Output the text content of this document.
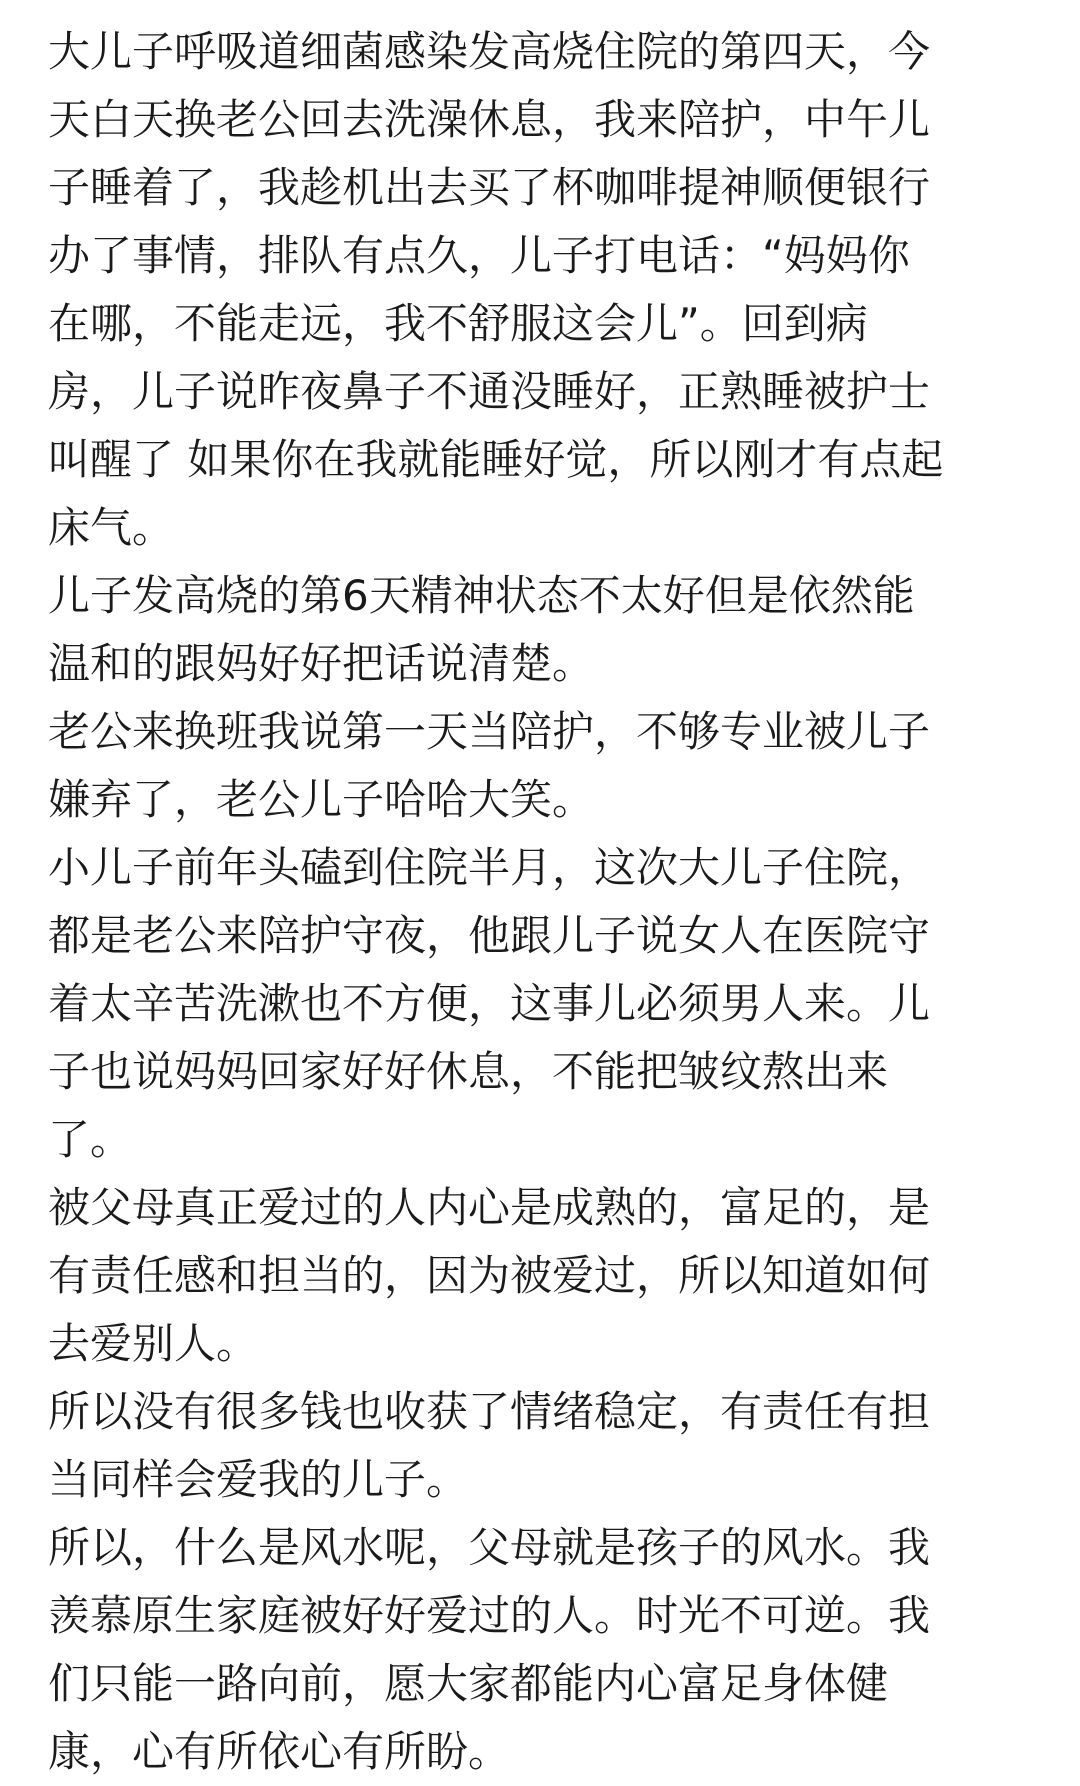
大儿子呼吸道细菌感染发高烧住院的第四天，今
天白天换老公回去洗澡休息，我来陪护，中午儿
子睡着了，我趁机出去买了杯咖啡提神顺便银行
办了事情，排队有点久，儿子打电话：“妈妈你
在哪，不能走远，我不舒服这会儿”。回到病
房，儿子说昨夜鼻子不通没睡好，正熟睡被护士
叫醒了 如果你在我就能睡好觉，所以刚才有点起
床气。
儿子发高烧的第6天精神状态不太好但是依然能
温和的跟妈好好把话说清楚。
老公来换班我说第一天当陪护，不够专业被儿子
嫌弃了，老公儿子哈哈大笑。
小儿子前年头磕到住院半月，这次大儿子住院，
都是老公来陪护守夜，他跟儿子说女人在医院守
着太辛苦洗漱也不方便，这事儿必须男人来。儿
子也说妈妈回家好好休息，不能把皱纹熬出来
了。
被父母真正爱过的人内心是成熟的，富足的，是
有责任感和担当的，因为被爱过，所以知道如何
去爱别人。
所以没有很多钱也收获了情绪稳定，有责任有担
当同样会爱我的儿子。
所以，什么是风水呢，父母就是孩子的风水。我
羡慕原生家庭被好好爱过的人。时光不可逆。我
们只能一路向前，愿大家都能内心富足身体健
康，心有所依心有所盼。
